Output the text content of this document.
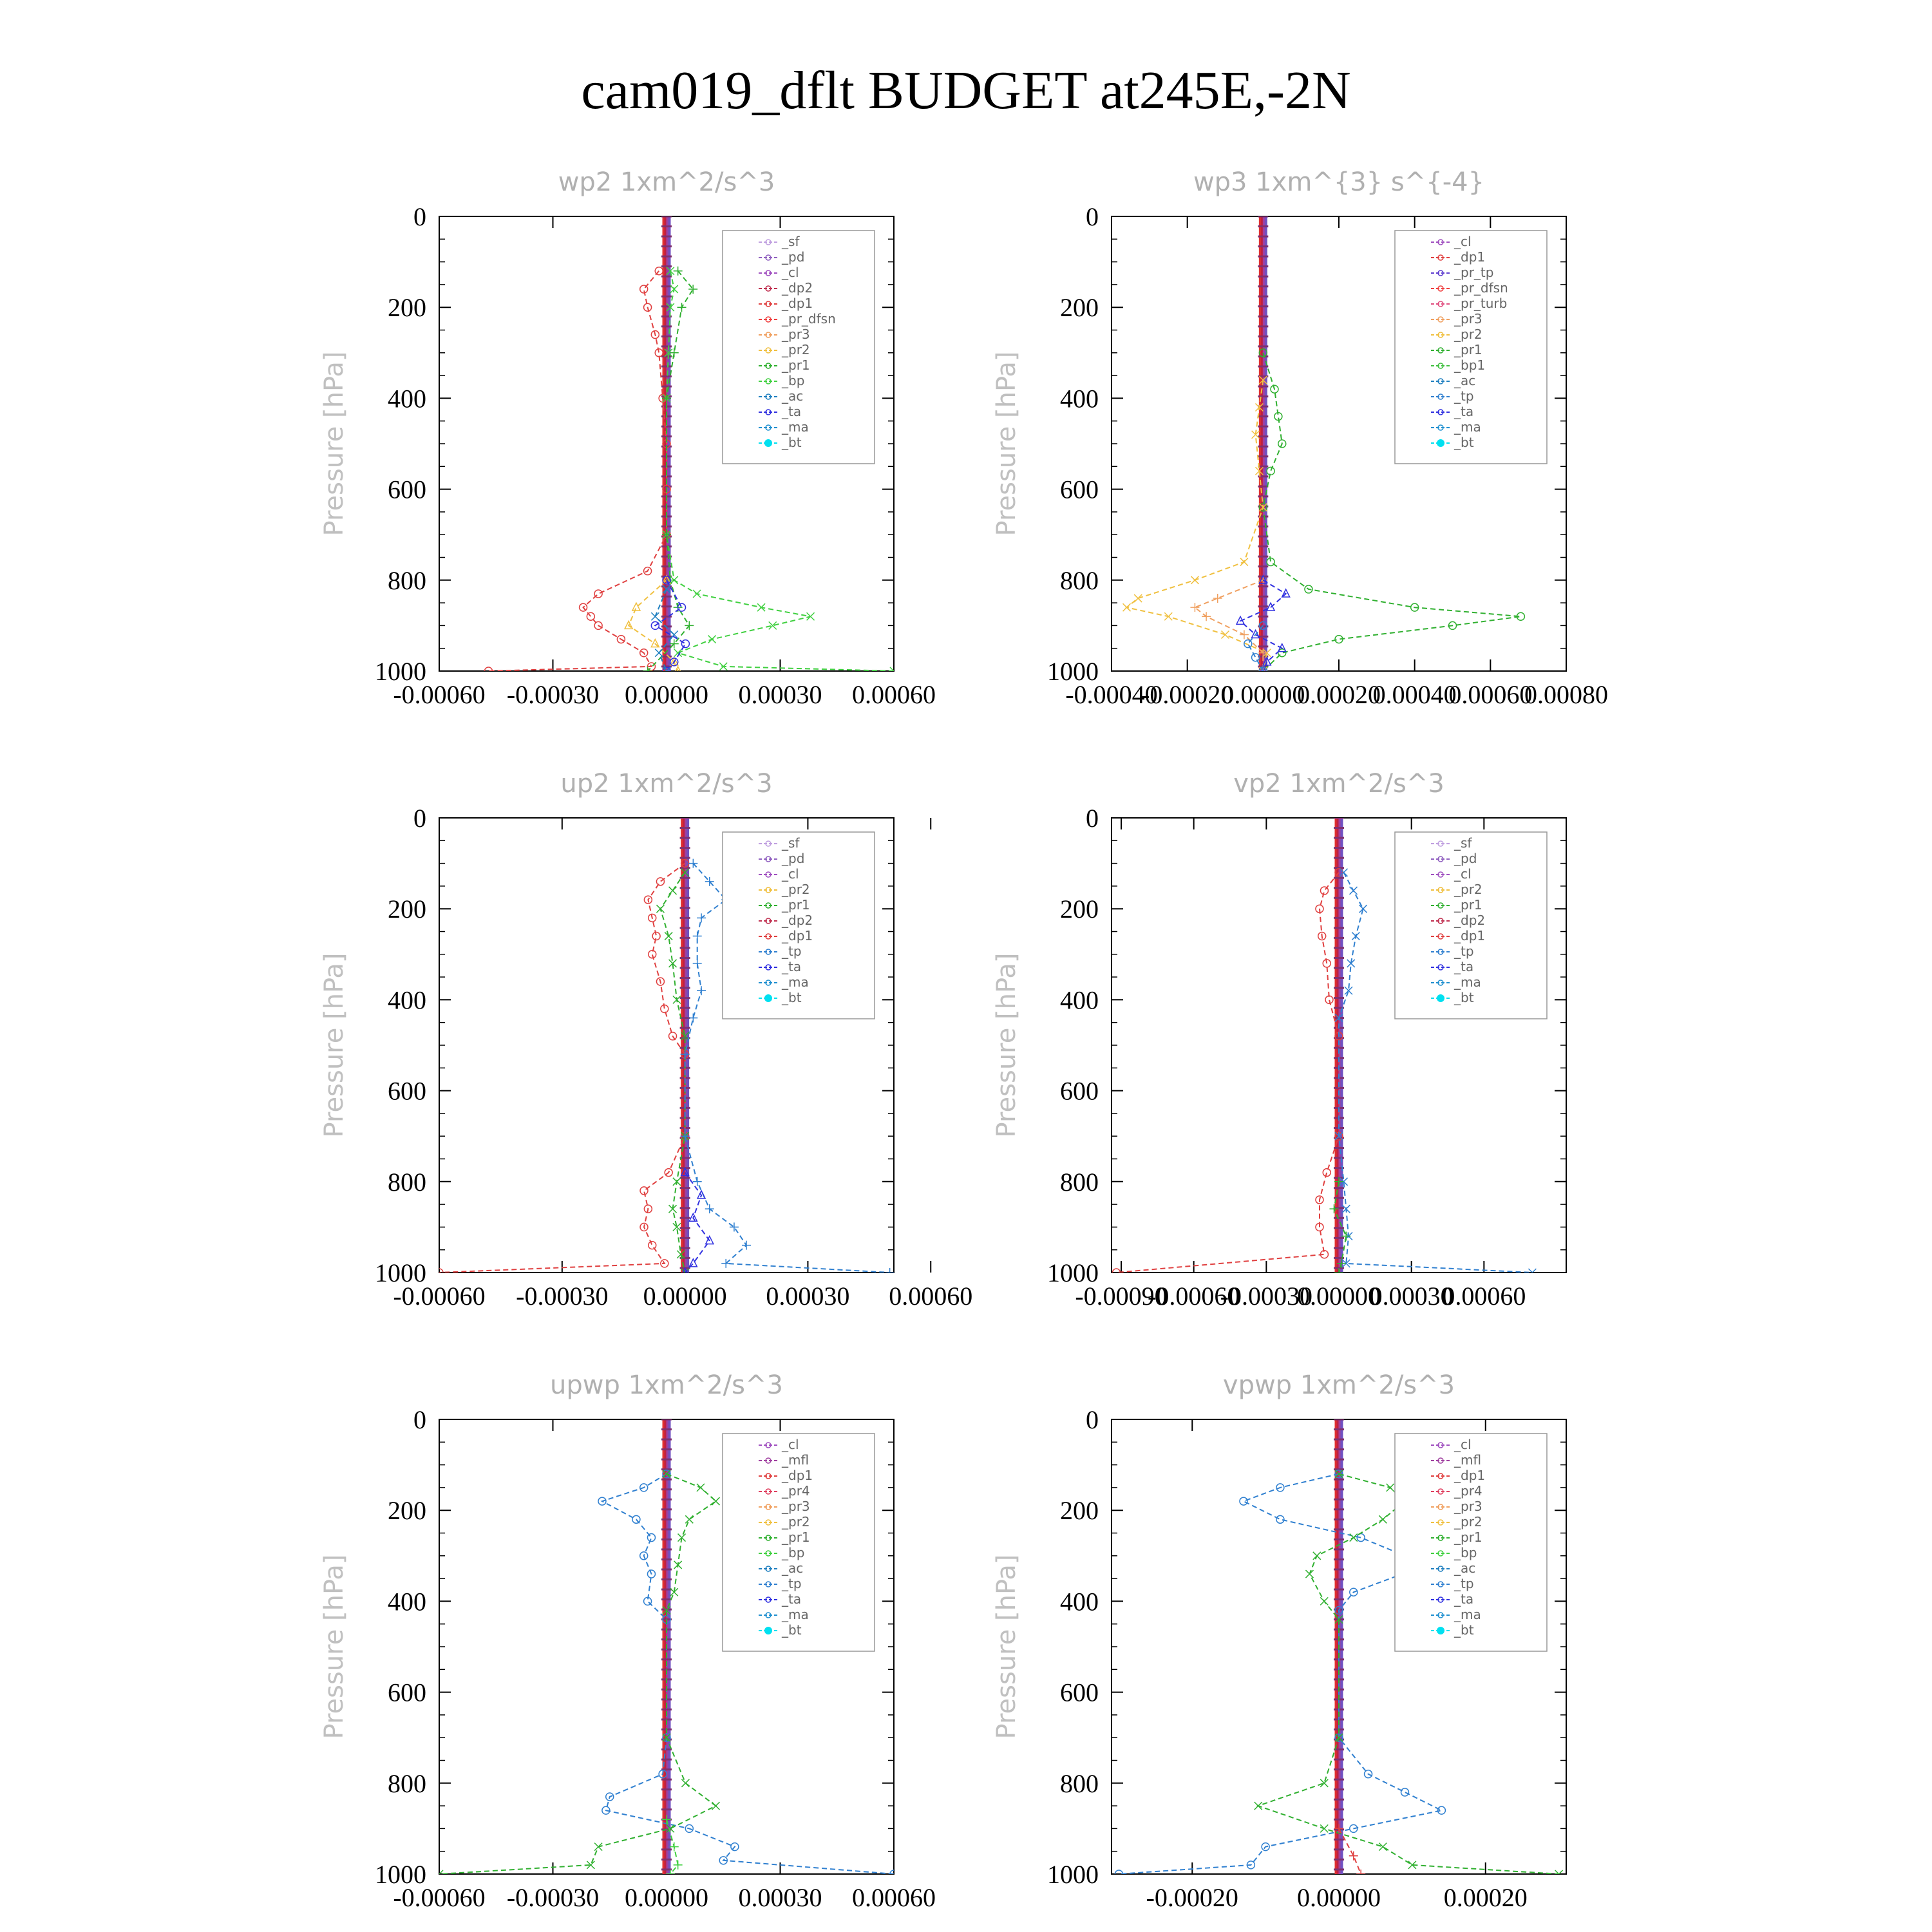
cam019_dflt BUDGET at245E,-2N
wp2 1xm^2/s^3
Pressure [hPa]
0
200
400
600
800
1000
-0.00060 -0.00030 0.00000 0.00030 0.00060
_sf
_pd
_cl
_dp2
_dp1
_pr_dfsn
_pr3
_pr2
_pr1
_bp
_ac
_ta
_ma
_bt
wp3 1xm^{3} s^{-4}
Pressure [hPa]
0
200
400
600
800
1000
-0.00040
-0.00020
0.00000
0.00020
0.00040
0.00060
0.00080
_cl
_dp1
_pr_tp
_pr_dfsn
_pr_turb
_pr3
_pr2
_pr1
_bp1
_ac
_tp
_ta
_ma
_bt
up2 1xm^2/s^3
Pressure [hPa]
0
200
400
600
800
1000
-0.00060 -0.00030 0.00000 0.00030 0.00060
_sf
_pd
_cl
_pr2
_pr1
_dp2
_dp1
_tp
_ta
_ma
_bt
vp2 1xm^2/s^3
Pressure [hPa]
0
200
400
600
800
1000
-0.00090
-0.00060
-0.00030
0.00000
0.00030
0.00060
_sf
_pd
_cl
_pr2
_pr1
_dp2
_dp1
_tp
_ta
_ma
_bt
upwp 1xm^2/s^3
Pressure [hPa]
0
200
400
600
800
1000
-0.00060 -0.00030 0.00000 0.00030 0.00060
_cl
_mfl
_dp1
_pr4
_pr3
_pr2
_pr1
_bp
_ac
_tp
_ta
_ma
_bt
vpwp 1xm^2/s^3
Pressure [hPa]
0
200
400
600
800
1000
-0.00020 0.00000 0.00020
_cl
_mfl
_dp1
_pr4
_pr3
_pr2
_pr1
_bp
_ac
_tp
_ta
_ma
_bt
